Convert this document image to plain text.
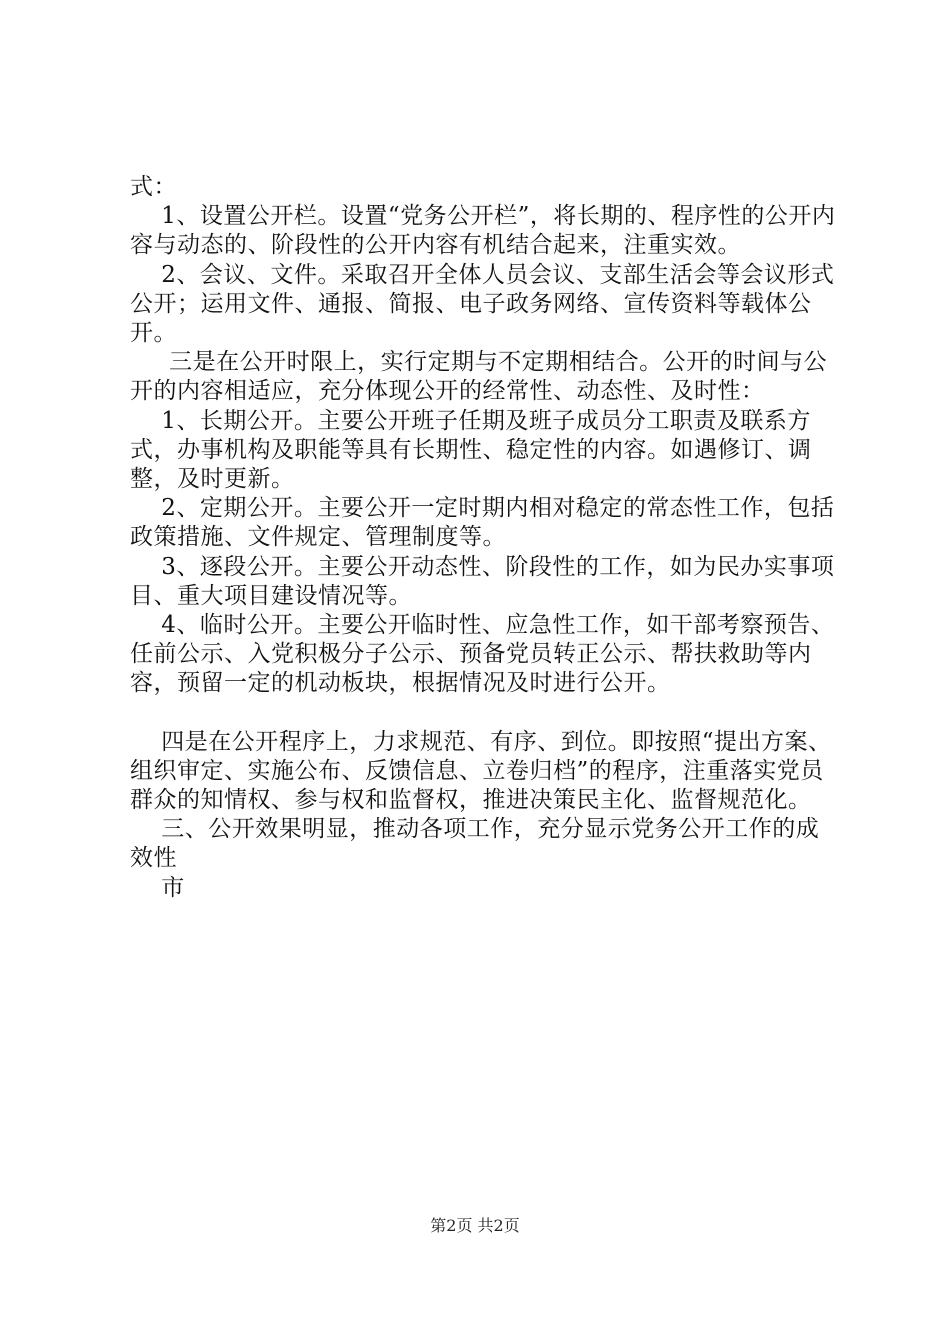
式：

1、设置公开栏。设置“党务公开栏”，将长期的、程序性的公开内容与动态的、阶段性的公开内容有机结合起来，注重实效。

2、会议、文件。采取召开全体人员会议、支部生活会等会议形式公开；运用文件、通报、简报、电子政务网络、宣传资料等载体公开。

三是在公开时限上，实行定期与不定期相结合。公开的时间与公开的内容相适应，充分体现公开的经常性、动态性、及时性：

1、长期公开。主要公开班子任期及班子成员分工职责及联系方式，办事机构及职能等具有长期性、稳定性的内容。如遇修订、调整，及时更新。

2、定期公开。主要公开一定时期内相对稳定的常态性工作，包括政策措施、文件规定、管理制度等。

3、逐段公开。主要公开动态性、阶段性的工作，如为民办实事项目、重大项目建设情况等。

4、临时公开。主要公开临时性、应急性工作，如干部考察预告、任前公示、入党积极分子公示、预备党员转正公示、帮扶救助等内容，预留一定的机动板块，根据情况及时进行公开。

四是在公开程序上，力求规范、有序、到位。即按照“提出方案、组织审定、实施公布、反馈信息、立卷归档”的程序，注重落实党员群众的知情权、参与权和监督权，推进决策民主化、监督规范化。

三、公开效果明显，推动各项工作，充分显示党务公开工作的成效性

市

第2页 共2页
